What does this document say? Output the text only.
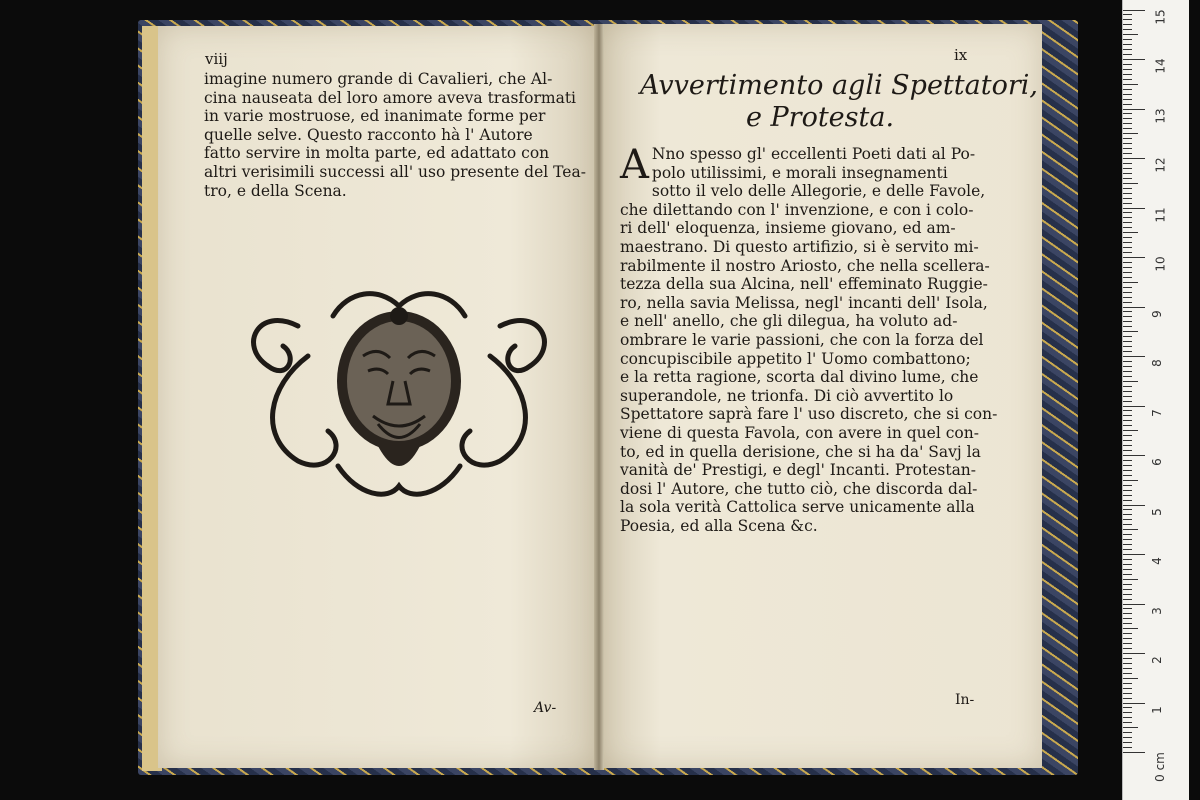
viij
imagine numero grande di Cavalieri, che Al-
cina nauseata del loro amore aveva trasformati
in varie mostruose, ed inanimate forme per
quelle selve. Questo racconto hà l' Autore
fatto servire in molta parte, ed adattato con
altri verisimili successi all' uso presente del Tea-
tro, e della Scena.
Av-
ix
Avvertimento agli Spettatori,
e Protesta.
A Nno spesso gl' eccellenti Poeti dati al Po-
polo utilissimi, e morali insegnamenti
sotto il velo delle Allegorie, e delle Favole,
che dilettando con l' invenzione, e con i colo-
ri dell' eloquenza, insieme giovano, ed am-
maestrano. Di questo artifizio, si è servito mi-
rabilmente il nostro Ariosto, che nella scellera-
tezza della sua Alcina, nell' effeminato Ruggie-
ro, nella savia Melissa, negl' incanti dell' Isola,
e nell' anello, che gli dilegua, ha voluto ad-
ombrare le varie passioni, che con la forza del
concupiscibile appetito l' Uomo combattono;
e la retta ragione, scorta dal divino lume, che
superandole, ne trionfa. Di ciò avvertito lo
Spettatore saprà fare l' uso discreto, che si con-
viene di questa Favola, con avere in quel con-
to, ed in quella derisione, che si ha da' Savj la
vanità de' Prestigi, e degl' Incanti. Protestan-
dosi l' Autore, che tutto ciò, che discorda dal-
la sola verità Cattolica serve unicamente alla
Poesia, ed alla Scena &c.
In-
0 cm
1
2
3
4
5
6
7
8
9
10
11
12
13
14
15
